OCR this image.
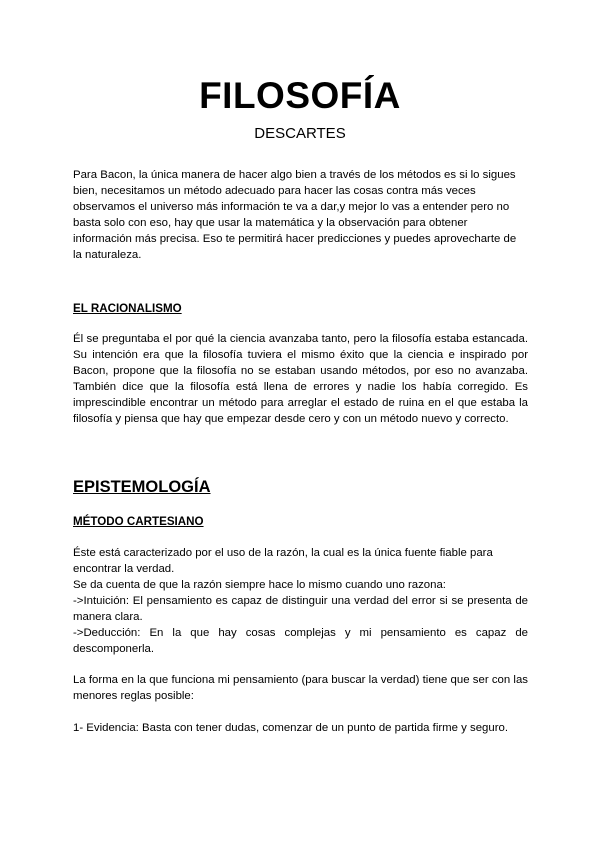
FILOSOFÍA
DESCARTES

Para Bacon, la única manera de hacer algo bien a través de los métodos es si lo sigues bien, necesitamos un método adecuado para hacer las cosas contra más veces observamos el universo más información te va a dar,y mejor lo vas a entender pero no basta solo con eso, hay que usar la matemática y la observación para obtener información más precisa. Eso te permitirá hacer predicciones y puedes aprovecharte de la naturaleza.

EL RACIONALISMO

Él se preguntaba el por qué la ciencia avanzaba tanto, pero la filosofía estaba estancada. Su intención era que la filosofía tuviera el mismo éxito que la ciencia e inspirado por Bacon, propone que la filosofía no se estaban usando métodos, por eso no avanzaba. También dice que la filosofía está llena de errores y nadie los había corregido. Es imprescindible encontrar un método para arreglar el estado de ruina en el que estaba la filosofía y piensa que hay que empezar desde cero y con un método nuevo y correcto.

EPISTEMOLOGÍA

MÉTODO CARTESIANO

Éste está caracterizado por el uso de la razón, la cual es la única fuente fiable para encontrar la verdad.

Se da cuenta de que la razón siempre hace lo mismo cuando uno razona:

->Intuición: El pensamiento es capaz de distinguir una verdad del error si se presenta de manera clara.

->Deducción: En la que hay cosas complejas y mi pensamiento es capaz de descomponerla.

La forma en la que funciona mi pensamiento (para buscar la verdad) tiene que ser con las menores reglas posible:

1- Evidencia: Basta con tener dudas, comenzar de un punto de partida firme y seguro.
